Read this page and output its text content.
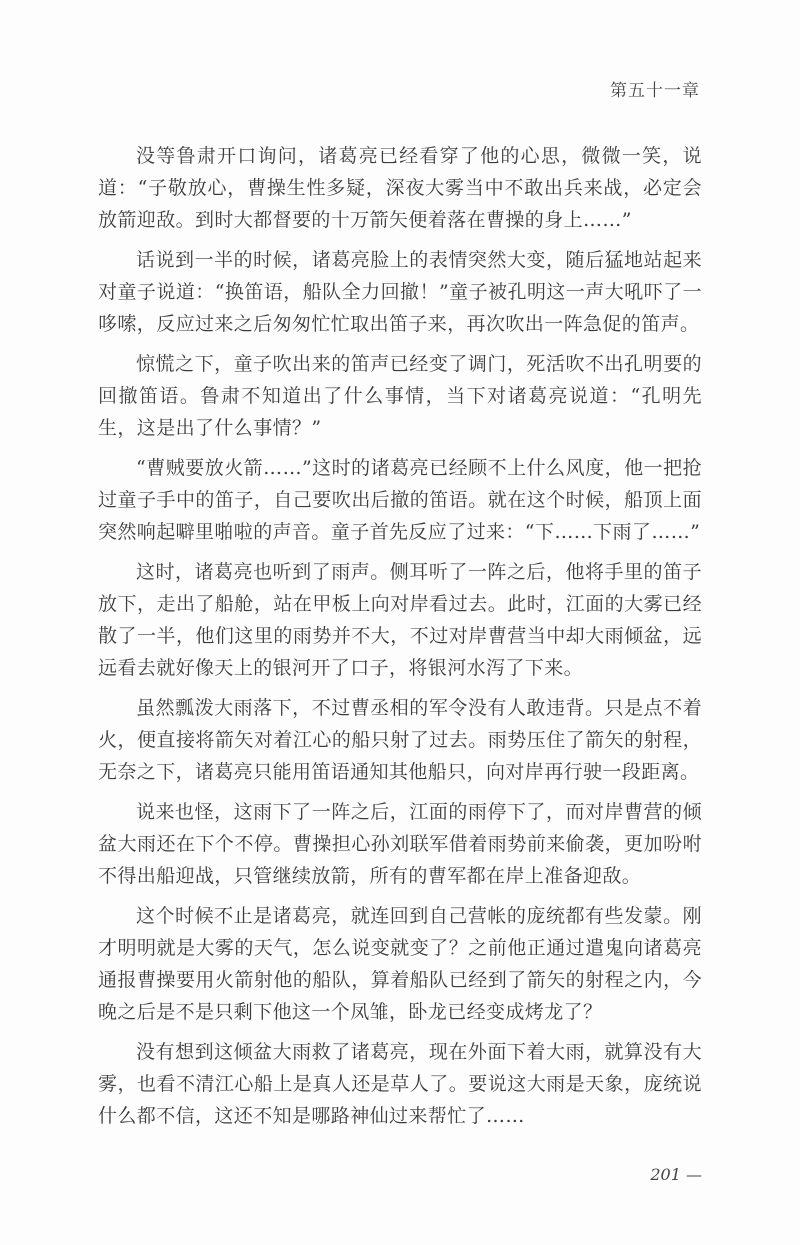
第五十一章

没等鲁肃开口询问，诸葛亮已经看穿了他的心思，微微一笑，说道：“子敬放心，曹操生性多疑，深夜大雾当中不敢出兵来战，必定会放箭迎敌。到时大都督要的十万箭矢便着落在曹操的身上……”

话说到一半的时候，诸葛亮脸上的表情突然大变，随后猛地站起来对童子说道：“换笛语，船队全力回撤！”童子被孔明这一声大吼吓了一哆嗦，反应过来之后匆匆忙忙取出笛子来，再次吹出一阵急促的笛声。

惊慌之下，童子吹出来的笛声已经变了调门，死活吹不出孔明要的回撤笛语。鲁肃不知道出了什么事情，当下对诸葛亮说道：“孔明先生，这是出了什么事情？”

“曹贼要放火箭……”这时的诸葛亮已经顾不上什么风度，他一把抢过童子手中的笛子，自己要吹出后撤的笛语。就在这个时候，船顶上面突然响起噼里啪啦的声音。童子首先反应了过来：“下……下雨了……”

这时，诸葛亮也听到了雨声。侧耳听了一阵之后，他将手里的笛子放下，走出了船舱，站在甲板上向对岸看过去。此时，江面的大雾已经散了一半，他们这里的雨势并不大，不过对岸曹营当中却大雨倾盆，远远看去就好像天上的银河开了口子，将银河水泻了下来。

虽然瓢泼大雨落下，不过曹丞相的军令没有人敢违背。只是点不着火，便直接将箭矢对着江心的船只射了过去。雨势压住了箭矢的射程，无奈之下，诸葛亮只能用笛语通知其他船只，向对岸再行驶一段距离。

说来也怪，这雨下了一阵之后，江面的雨停下了，而对岸曹营的倾盆大雨还在下个不停。曹操担心孙刘联军借着雨势前来偷袭，更加吩咐不得出船迎战，只管继续放箭，所有的曹军都在岸上准备迎敌。

这个时候不止是诸葛亮，就连回到自己营帐的庞统都有些发蒙。刚才明明就是大雾的天气，怎么说变就变了？之前他正通过遣鬼向诸葛亮通报曹操要用火箭射他的船队，算着船队已经到了箭矢的射程之内，今晚之后是不是只剩下他这一个凤雏，卧龙已经变成烤龙了？

没有想到这倾盆大雨救了诸葛亮，现在外面下着大雨，就算没有大雾，也看不清江心船上是真人还是草人了。要说这大雨是天象，庞统说什么都不信，这还不知是哪路神仙过来帮忙了……

201 —
